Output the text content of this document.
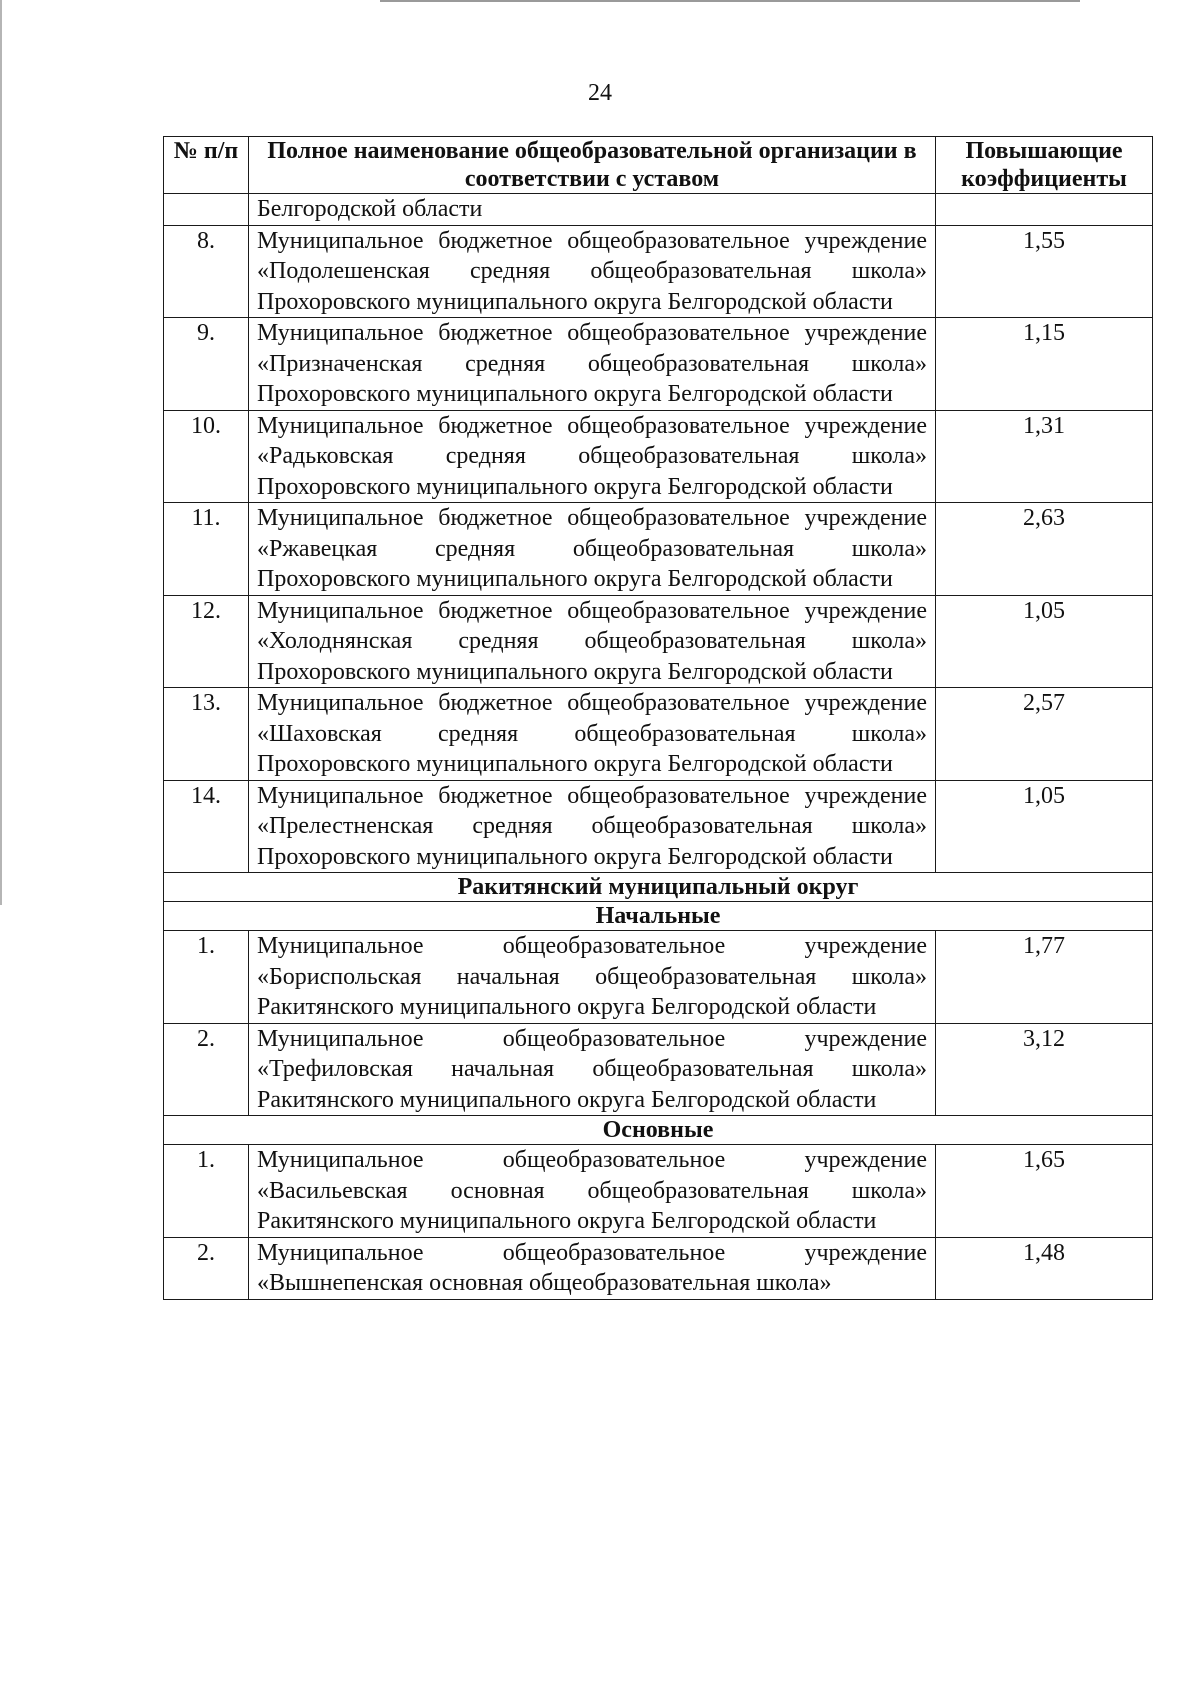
24
№ п/п	Полное наименование общеобразовательной организации в соответствии с уставом	Повышающие коэффициенты
	Белгородской области	
8.	Муниципальное бюджетное общеобразовательное учреждение «Подолешенская средняя общеобразовательная школа» Прохоровского муниципального округа Белгородской области	1,55
9.	Муниципальное бюджетное общеобразовательное учреждение «Призначенская средняя общеобразовательная школа» Прохоровского муниципального округа Белгородской области	1,15
10.	Муниципальное бюджетное общеобразовательное учреждение «Радьковская средняя общеобразовательная школа» Прохоровского муниципального округа Белгородской области	1,31
11.	Муниципальное бюджетное общеобразовательное учреждение «Ржавецкая средняя общеобразовательная школа» Прохоровского муниципального округа Белгородской области	2,63
12.	Муниципальное бюджетное общеобразовательное учреждение «Холоднянская средняя общеобразовательная школа» Прохоровского муниципального округа Белгородской области	1,05
13.	Муниципальное бюджетное общеобразовательное учреждение «Шаховская средняя общеобразовательная школа» Прохоровского муниципального округа Белгородской области	2,57
14.	Муниципальное бюджетное общеобразовательное учреждение «Прелестненская средняя общеобразовательная школа» Прохоровского муниципального округа Белгородской области	1,05
Ракитянский муниципальный округ		
Начальные		
1.	Муниципальное общеобразовательное учреждение «Бориспольская начальная общеобразовательная школа» Ракитянского муниципального округа Белгородской области	1,77
2.	Муниципальное общеобразовательное учреждение «Трефиловская начальная общеобразовательная школа» Ракитянского муниципального округа Белгородской области	3,12
Основные		
1.	Муниципальное общеобразовательное учреждение «Васильевская основная общеобразовательная школа» Ракитянского муниципального округа Белгородской области	1,65
2.	Муниципальное общеобразовательное учреждение «Вышнепенская основная общеобразовательная школа»	1,48
